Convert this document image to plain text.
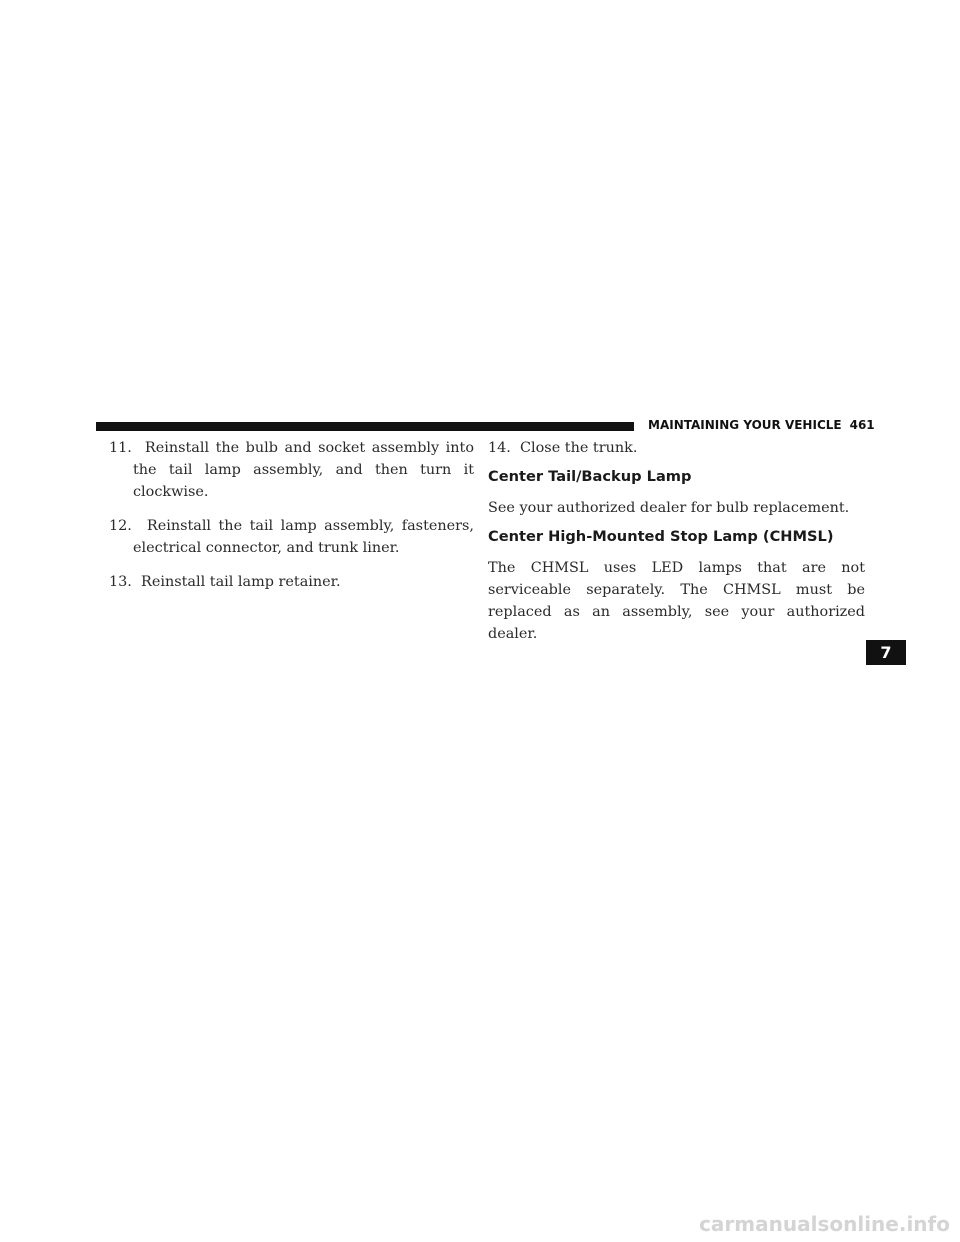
MAINTAINING YOUR VEHICLE 461

11.  Reinstall the bulb and socket assembly into the tail lamp assembly, and then turn it clockwise.

12.  Reinstall the tail lamp assembly, fasteners, electrical connector, and trunk liner.

13.  Reinstall tail lamp retainer.

14.  Close the trunk.

Center Tail/Backup Lamp

See your authorized dealer for bulb replacement.

Center High-Mounted Stop Lamp (CHMSL)

The CHMSL uses LED lamps that are not serviceable separately. The CHMSL must be replaced as an assembly, see your authorized dealer.

7
carmanualsonline.info
